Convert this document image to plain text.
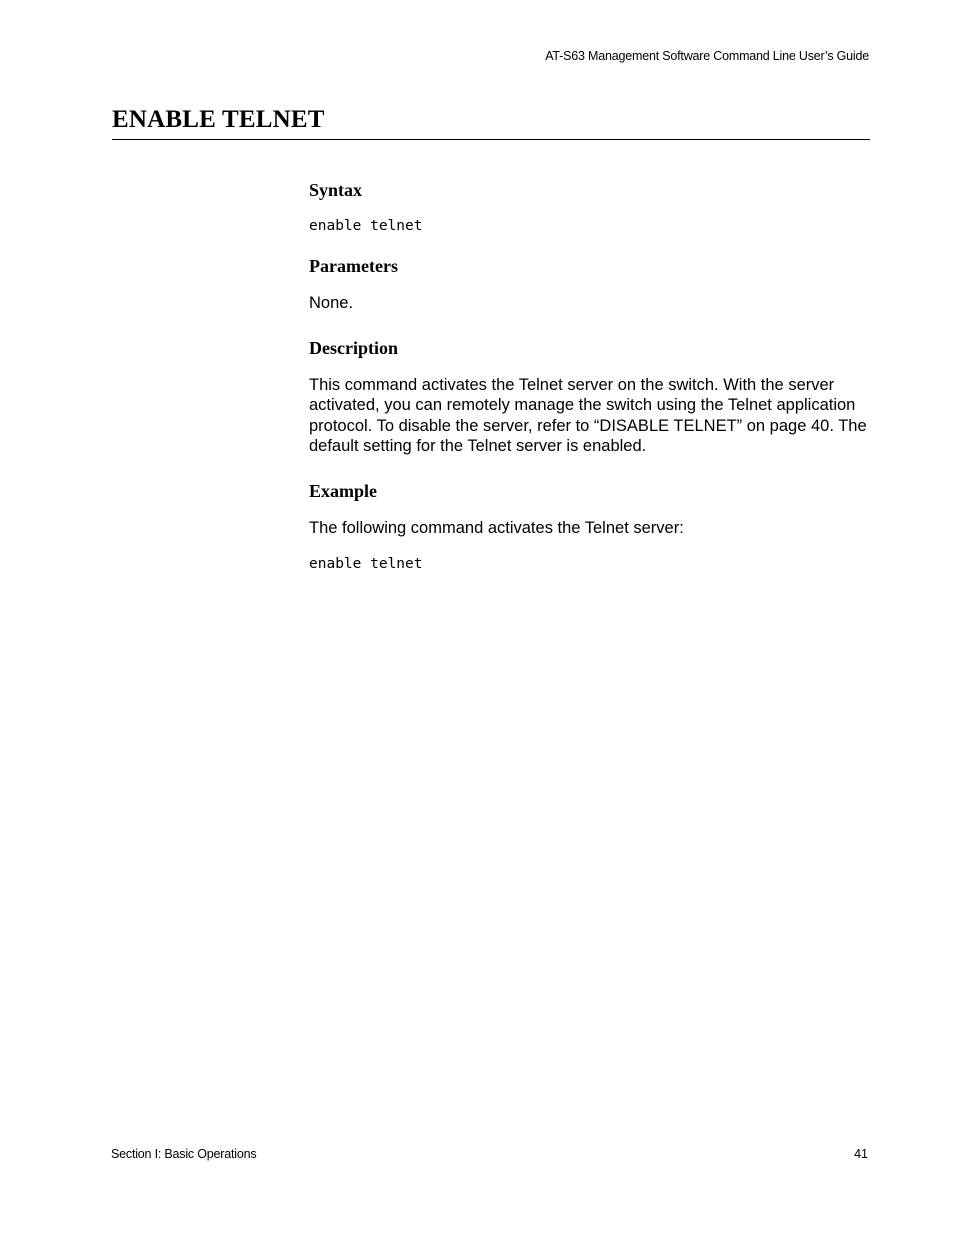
AT-S63 Management Software Command Line User’s Guide
ENABLE TELNET
Syntax

enable telnet

Parameters

None.

Description

This command activates the Telnet server on the switch. With the server activated, you can remotely manage the switch using the Telnet application protocol. To disable the server, refer to “DISABLE TELNET” on page 40. The default setting for the Telnet server is enabled.

Example

The following command activates the Telnet server:

enable telnet

Section I: Basic Operations	41
